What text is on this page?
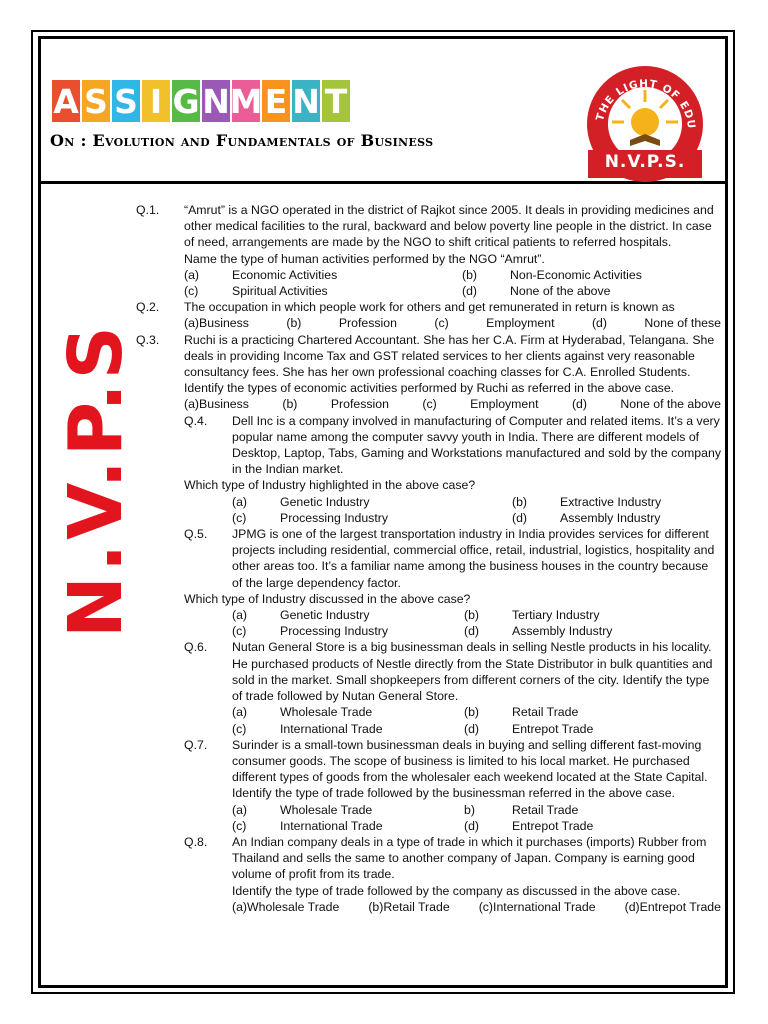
A S S I G N M E N T
On : Evolution and Fundamentals of Business
THE LIGHT OF EDU
N.V.P.S.
N.V.P.S
Q.1.	“Amrut” is a NGO operated in the district of Rajkot since 2005. It deals in providing medicines and other medical facilities to the rural, backward and below poverty line people in the district. In case of need, arrangements are made by the NGO to shift critical patients to referred hospitals.
Name the type of human activities performed by the NGO “Amrut”.
(a)	Economic Activities	(b)	Non-Economic Activities
(c)	Spiritual Activities	(d)	None of the above
Q.2.	The occupation in which people work for others and get remunerated in return is known as
(a)Business	(b)	Profession	(c)	Employment	(d)	None of these
Q.3.	Ruchi is a practicing Chartered Accountant. She has her C.A. Firm at Hyderabad, Telangana. She deals in providing Income Tax and GST related services to her clients against very reasonable consultancy fees. She has her own professional coaching classes for C.A. Enrolled Students.
Identify the types of economic activities performed by Ruchi as referred in the above case.
(a)Business	(b)	Profession	(c)	Employment	(d)	None of the above
Q.4.	Dell Inc is a company involved in manufacturing of Computer and related items. It’s a very popular name among the computer savvy youth in India. There are different models of Desktop, Laptop, Tabs, Gaming and Workstations manufactured and sold by the company in the Indian market.
Which type of Industry highlighted in the above case?
(a)	Genetic Industry	(b)	Extractive Industry
(c)	Processing Industry	(d)	Assembly Industry
Q.5.	JPMG is one of the largest transportation industry in India provides services for different projects including residential, commercial office, retail, industrial, logistics, hospitality and other areas too. It’s a familiar name among the business houses in the country because of the large dependency factor.
Which type of Industry discussed in the above case?
(a)	Genetic Industry	(b)	Tertiary Industry
(c)	Processing Industry	(d)	Assembly Industry
Q.6.	Nutan General Store is a big businessman deals in selling Nestle products in his locality. He purchased products of Nestle directly from the State Distributor in bulk quantities and sold in the market. Small shopkeepers from different corners of the city. Identify the type of trade followed by Nutan General Store.
(a)	Wholesale Trade	(b)	Retail Trade
(c)	International Trade	(d)	Entrepot Trade
Q.7.	Surinder is a small-town businessman deals in buying and selling different fast-moving consumer goods. The scope of business is limited to his local market. He purchased different types of goods from the wholesaler each weekend located at the State Capital.
Identify the type of trade followed by the businessman referred in the above case.
(a)	Wholesale Trade	b)	Retail Trade
(c)	International Trade	(d)	Entrepot Trade
Q.8.	An Indian company deals in a type of trade in which it purchases (imports) Rubber from Thailand and sells the same to another company of Japan. Company is earning good volume of profit from its trade.
Identify the type of trade followed by the company as discussed in the above case.
(a)Wholesale Trade (b)Retail Trade (c)International Trade (d)Entrepot Trade
